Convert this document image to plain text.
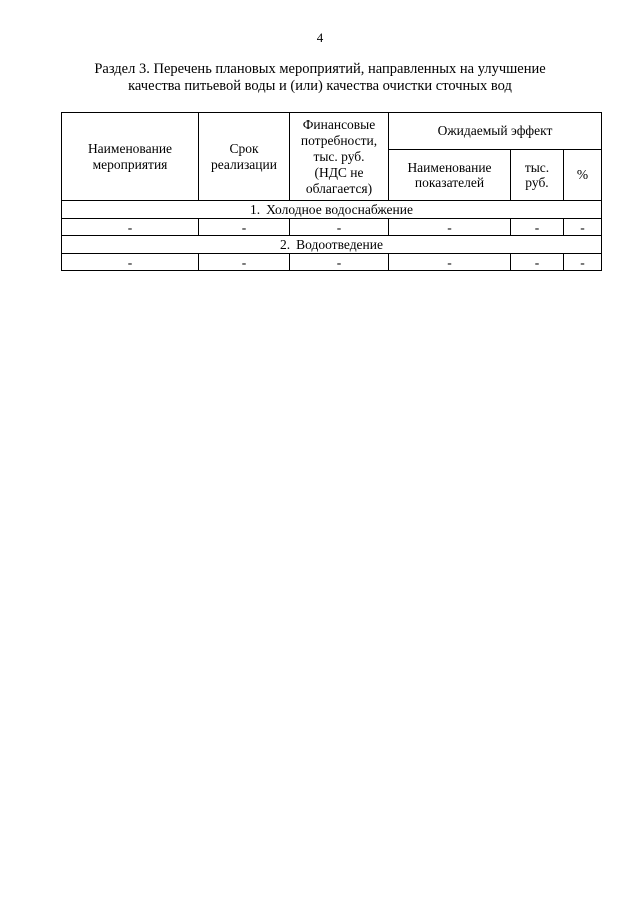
4
Раздел 3. Перечень плановых мероприятий, направленных на улучшение
качества питьевой воды и (или) качества очистки сточных вод
Наименование мероприятия	Срок реализации	Финансовые
потребности,
тыс. руб.
(НДС не
облагается)	Ожидаемый эффект		
			Наименование показателей	тыс. руб.	%
1. Холодное водоснабжение					
-	-	-	-	-	-
2. Водоотведение					
-	-	-	-	-	-
